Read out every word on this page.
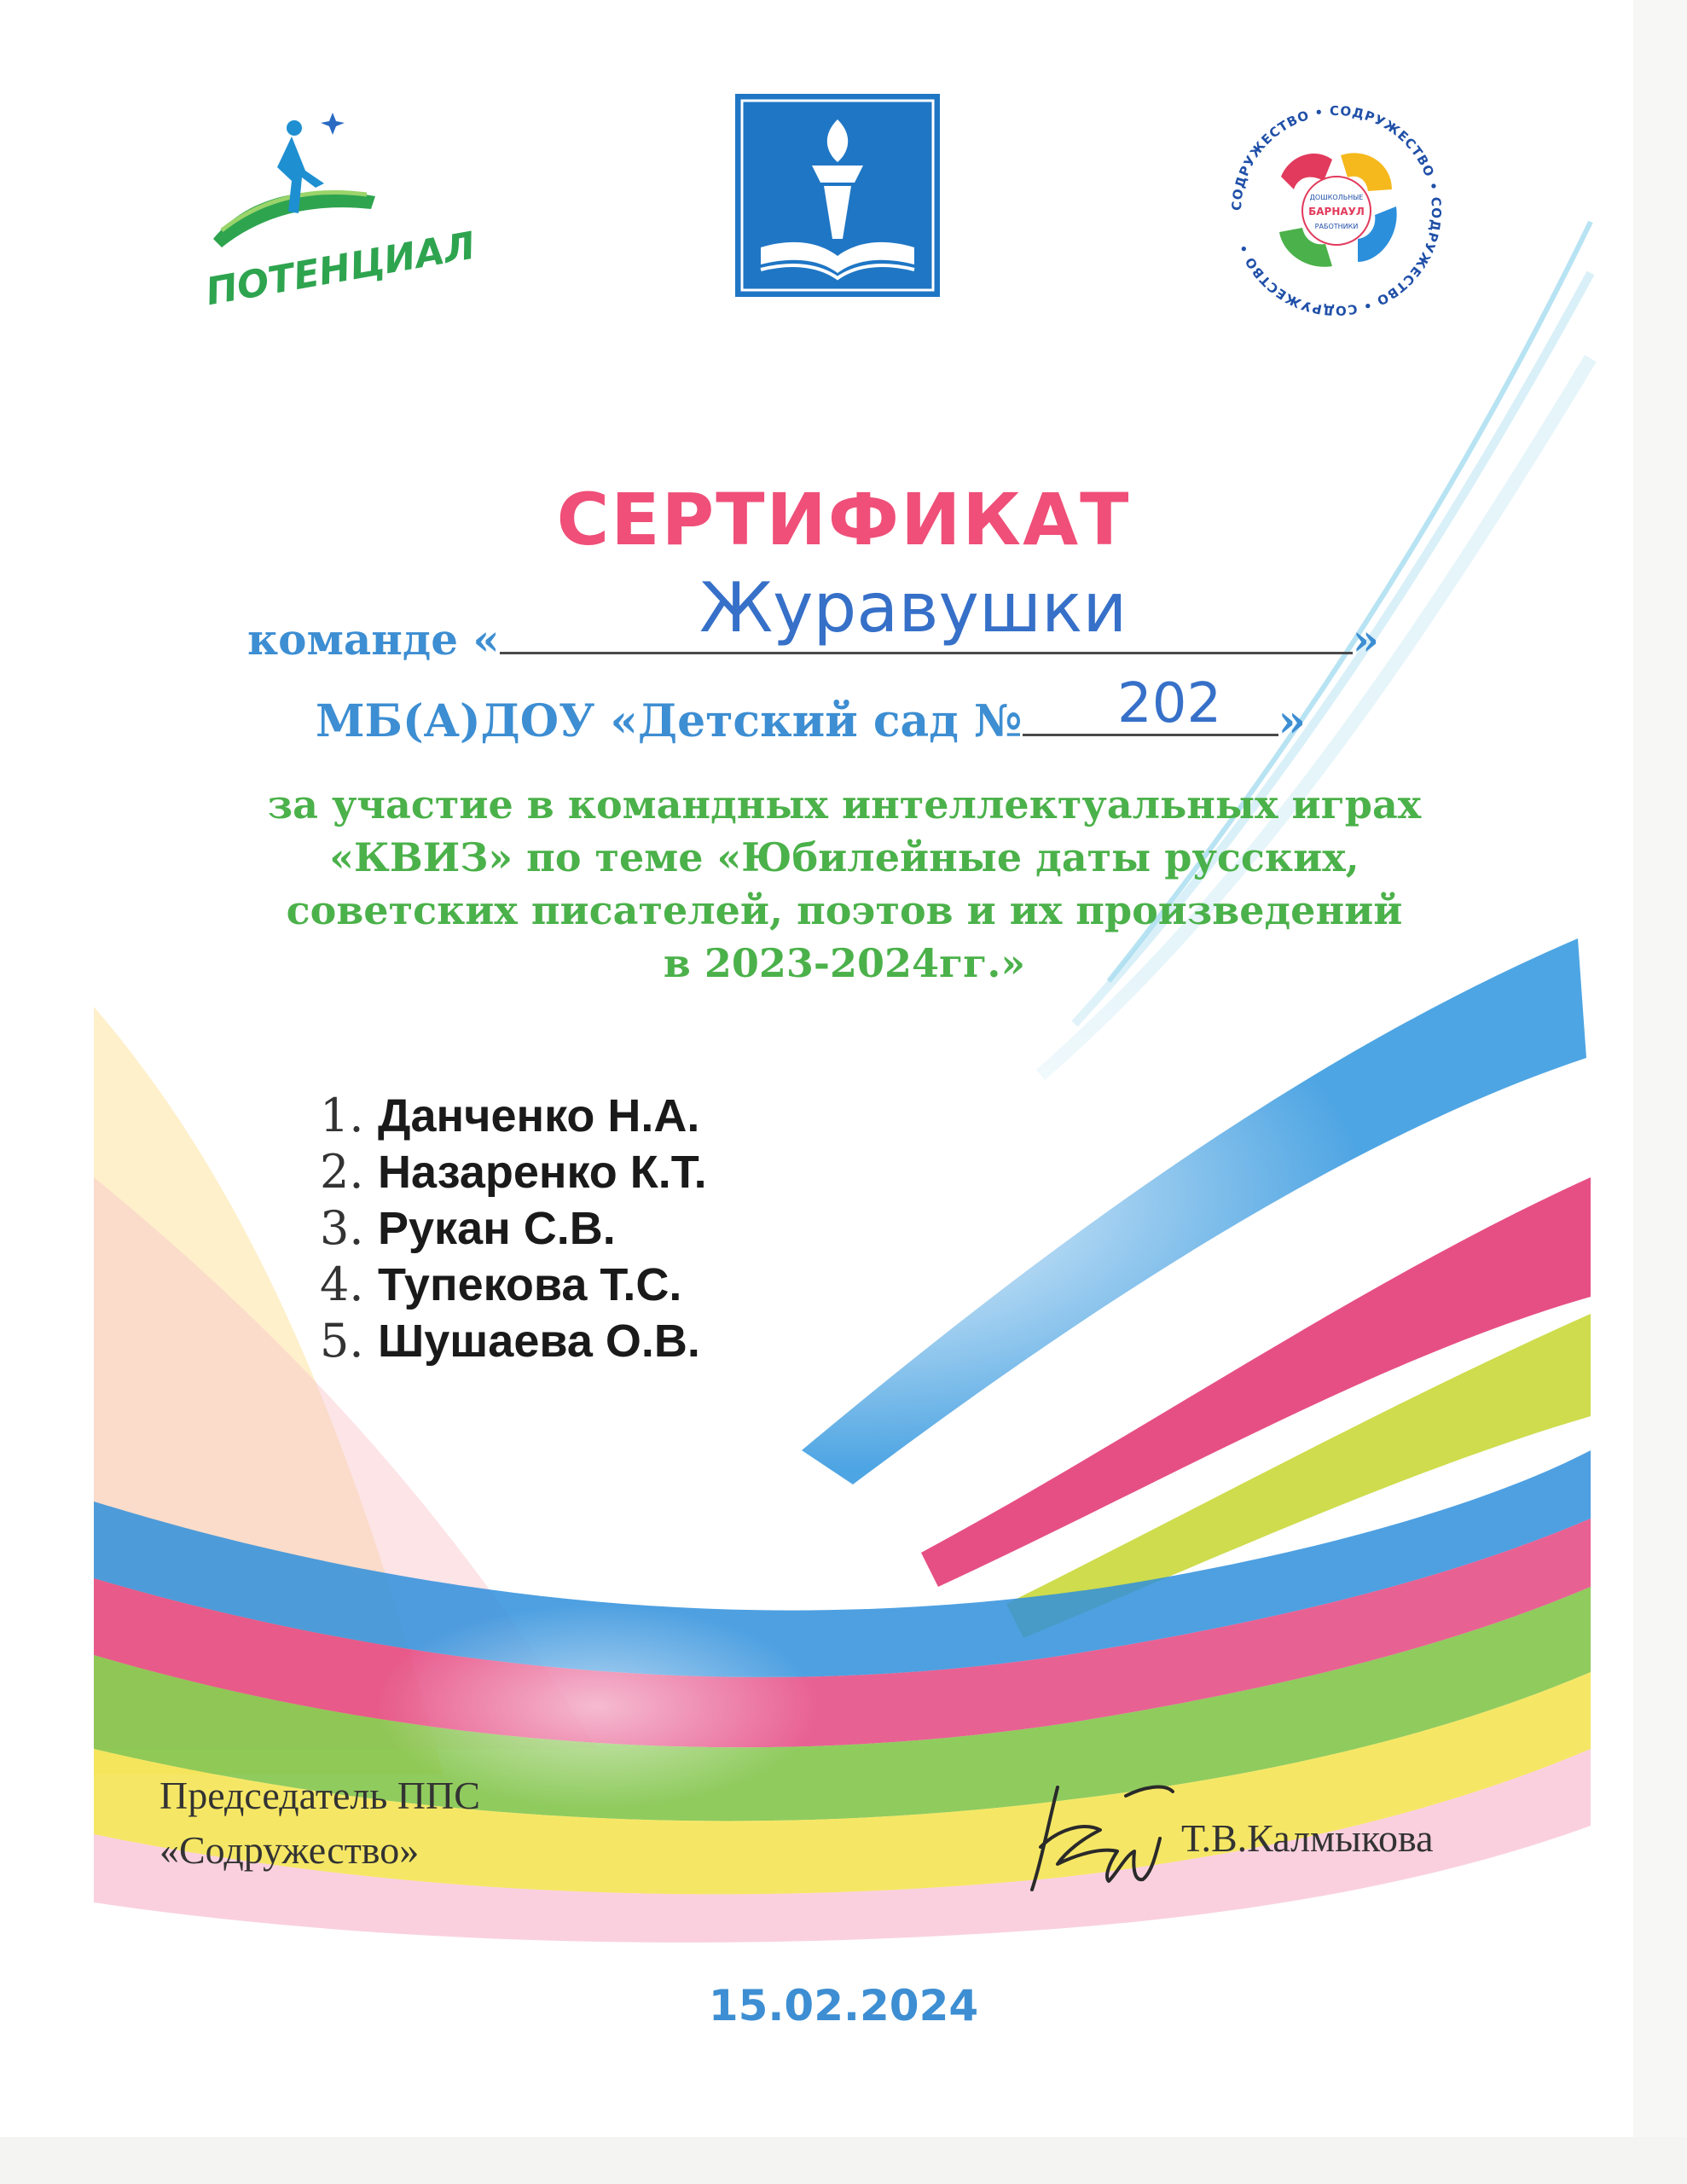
ПОТЕНЦИАЛ
СОДРУЖЕСТВО • СОДРУЖЕСТВО • СОДРУЖЕСТВО • СОДРУЖЕСТВО •
ДОШКОЛЬНЫЕ
БАРНАУЛ
РАБОТНИКИ
СЕРТИФИКАТ
команде «	»
Журавушки
МБ(А)ДОУ «Детский сад №	»
202
за участие в командных интеллектуальных играх
«КВИЗ» по теме «Юбилейные даты русских,
советских писателей, поэтов и их произведений
в 2023-2024гг.»
1. Данченко Н.А.
2. Назаренко К.Т.
3. Рукан С.В.
4. Тупекова Т.С.
5. Шушаева О.В.
Председатель ППС
«Содружество»	Т.В.Калмыкова
15.02.2024
